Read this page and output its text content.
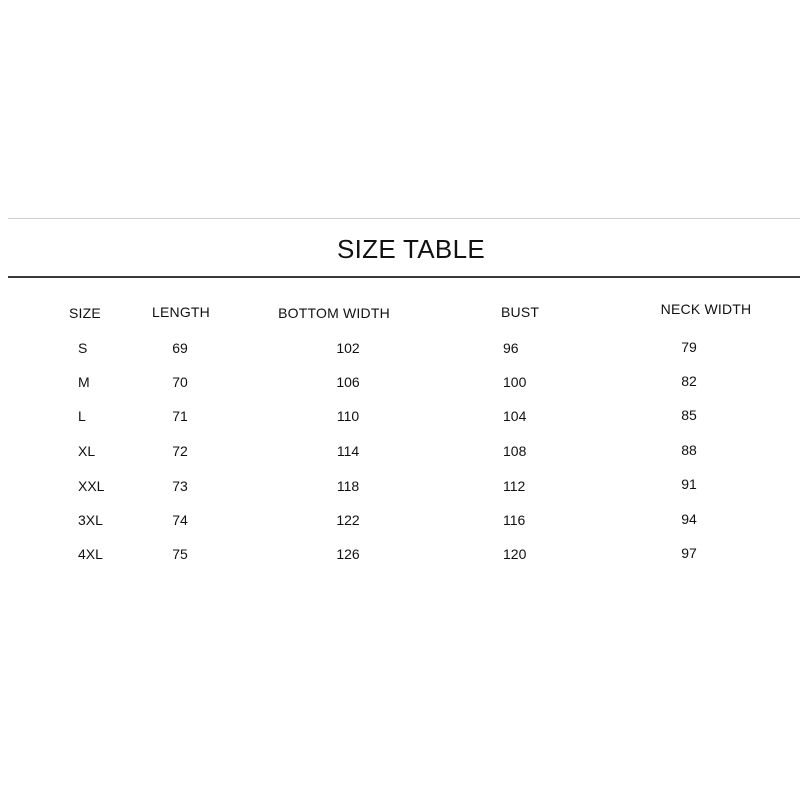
SIZE TABLE
SIZE	LENGTH	BOTTOM WIDTH	BUST	NECK WIDTH
S	69	102	96	79
M	70	106	100	82
L	71	110	104	85
XL	72	114	108	88
XXL	73	118	112	91
3XL	74	122	116	94
4XL	75	126	120	97
